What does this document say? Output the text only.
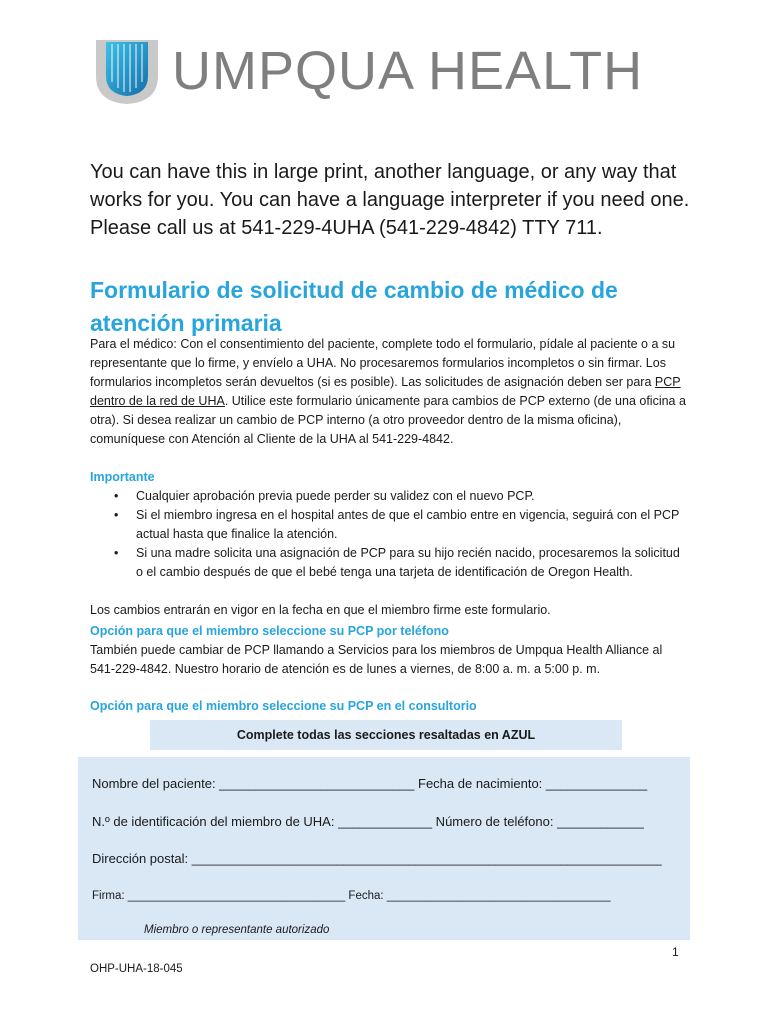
UMPQUA HEALTH
You can have this in large print, another language, or any way that works for you. You can have a language interpreter if you need one. Please call us at 541-229-4UHA (541-229-4842) TTY 711.
Formulario de solicitud de cambio de médico de atención primaria
Para el médico: Con el consentimiento del paciente, complete todo el formulario, pídale al paciente o a su representante que lo firme, y envíelo a UHA. No procesaremos formularios incompletos o sin firmar. Los formularios incompletos serán devueltos (si es posible). Las solicitudes de asignación deben ser para PCP dentro de la red de UHA. Utilice este formulario únicamente para cambios de PCP externo (de una oficina a otra). Si desea realizar un cambio de PCP interno (a otro proveedor dentro de la misma oficina), comuníquese con Atención al Cliente de la UHA al 541-229-4842.
Importante
• Cualquier aprobación previa puede perder su validez con el nuevo PCP.
• Si el miembro ingresa en el hospital antes de que el cambio entre en vigencia, seguirá con el PCP actual hasta que finalice la atención.
• Si una madre solicita una asignación de PCP para su hijo recién nacido, procesaremos la solicitud o el cambio después de que el bebé tenga una tarjeta de identificación de Oregon Health.
Los cambios entrarán en vigor en la fecha en que el miembro firme este formulario.
Opción para que el miembro seleccione su PCP por teléfono
También puede cambiar de PCP llamando a Servicios para los miembros de Umpqua Health Alliance al 541-229-4842. Nuestro horario de atención es de lunes a viernes, de 8:00 a. m. a 5:00 p. m.
Opción para que el miembro seleccione su PCP en el consultorio
Complete todas las secciones resaltadas en AZUL
Nombre del paciente: ___________________________ Fecha de nacimiento: ______________
N.º de identificación del miembro de UHA: _____________ Número de teléfono: ____________
Dirección postal: _________________________________________________________________
Firma: __________________________________ Fecha: ___________________________________
Miembro o representante autorizado
1
OHP-UHA-18-045
